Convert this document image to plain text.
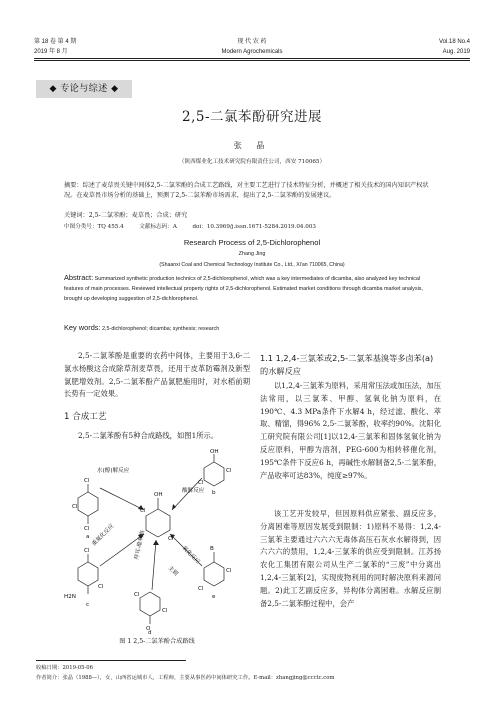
第 18 卷 第 4 期	Vol.18 No.4
现 代 农 药
2019 年 8 月	Aug. 2019
Modern Agrochemicals
◆ 专论与综述 ◆
2,5-二氯苯酚研究进展
张 晶
（陕西煤业化工技术研究院有限责任公司，西安 710065）
摘要：综述了麦草畏关键中间体2,5-二氯苯酚的合成工艺路线，对主要工艺进行了技术特征分析，并概述了相关技术的国内知识产权状况。在麦草畏市场分析的基础上，预测了2,5-二氯苯酚市场需求，提出了2,5-二氯苯酚的发展建议。
关键词：2,5-二氯苯酚；麦草畏；合成；研究
中图分类号：TQ 455.4	文献标志码：A	doi：10.3969/j.issn.1671-5284.2019.04.003
Research Process of 2,5-Dichlorophenol
Zhang Jing
(Shaanxi Coal and Chemical Technology Institute Co., Ltd., Xi'an 710065, China)
Abstract: Summarized synthetic production technics of 2,5-dichlorophenol, which was a key intermediates of dicamba, also analyzed key technical features of main processes. Reviewed intellectual property rights of 2,5-dichlorophenol. Estimated market conditions through dicamba market analysis, brought up developing suggestion of 2,5-dichlorophenol.
Key words: 2,5-dichlorophenol; dicamba; synthesis; research
2,5-二氯苯酚是重要的农药中间体，主要用于3,6-二氯水杨酸这合成除草剂麦草畏，还用于皮革防霉剂及新型氯肥增效剂。2,5-二氯苯酚产品氯肥施用时，对水稻前期长势有一定效果。
1 合成工艺
2,5-二氯苯酚有5种合成路线，如图1所示。
水(醇)解反应
酸解反应
重氮化反应	拜耳-维利格	氧化反应
主锁
OH
Cl
Cl
Cl
Cl
Cl
a
OH
Cl
Cl
b
Cl
H2N
Cl
c
Cl
O
Cl
d
B
Cl
Cl
e
图 1 2,5-二氯苯酚合成路线
1.1 1,2,4-三氯苯或2,5-二氯苯基溴等多卤苯(a)的水解反应
以1,2,4-三氯苯为原料，采用常压法或加压法，加压法常用，以三氯苯、甲醇、氢氧化钠为原料，在190℃、4.3 MPa条件下水解4 h，经过滤、酸化、萃取、精馏，得96% 2,5-二氯苯酚，收率约90%。沈阳化工研究院有限公司[1]以12,4-三氯苯和固体氢氧化钠为反应原料，甲醇为溶剂，PEG-600为相转移催化剂，195℃条件下反应6 h，再碱性水解制备2,5-二氯苯酚，产品收率可达83%，纯度≥97%。
该工艺开发较早，但因原料供应紧张、副反应多，分离困难等原因发展受到限制：1)原料不易得：1,2,4-三氯苯主要通过六六六无毒体高压石灰水水解得到，因六六六的禁用，1,2,4-三氯苯的供应受到限制。江苏扬农化工集团有限公司从生产二氯苯的“三废”中分离出1,2,4-三氯苯[2]，实现废物利用的同时解决原料来源问题。2)此工艺副反应多，异构体分离困难。水解反应制备2,5-二氯苯酚过程中，会产
收稿日期：2019-05-06
作者简介：张晶（1988—），女，山西省运城市人，工程师，主要从事医药中间体研究工作。E-mail：zhangjing@ccctc.com
